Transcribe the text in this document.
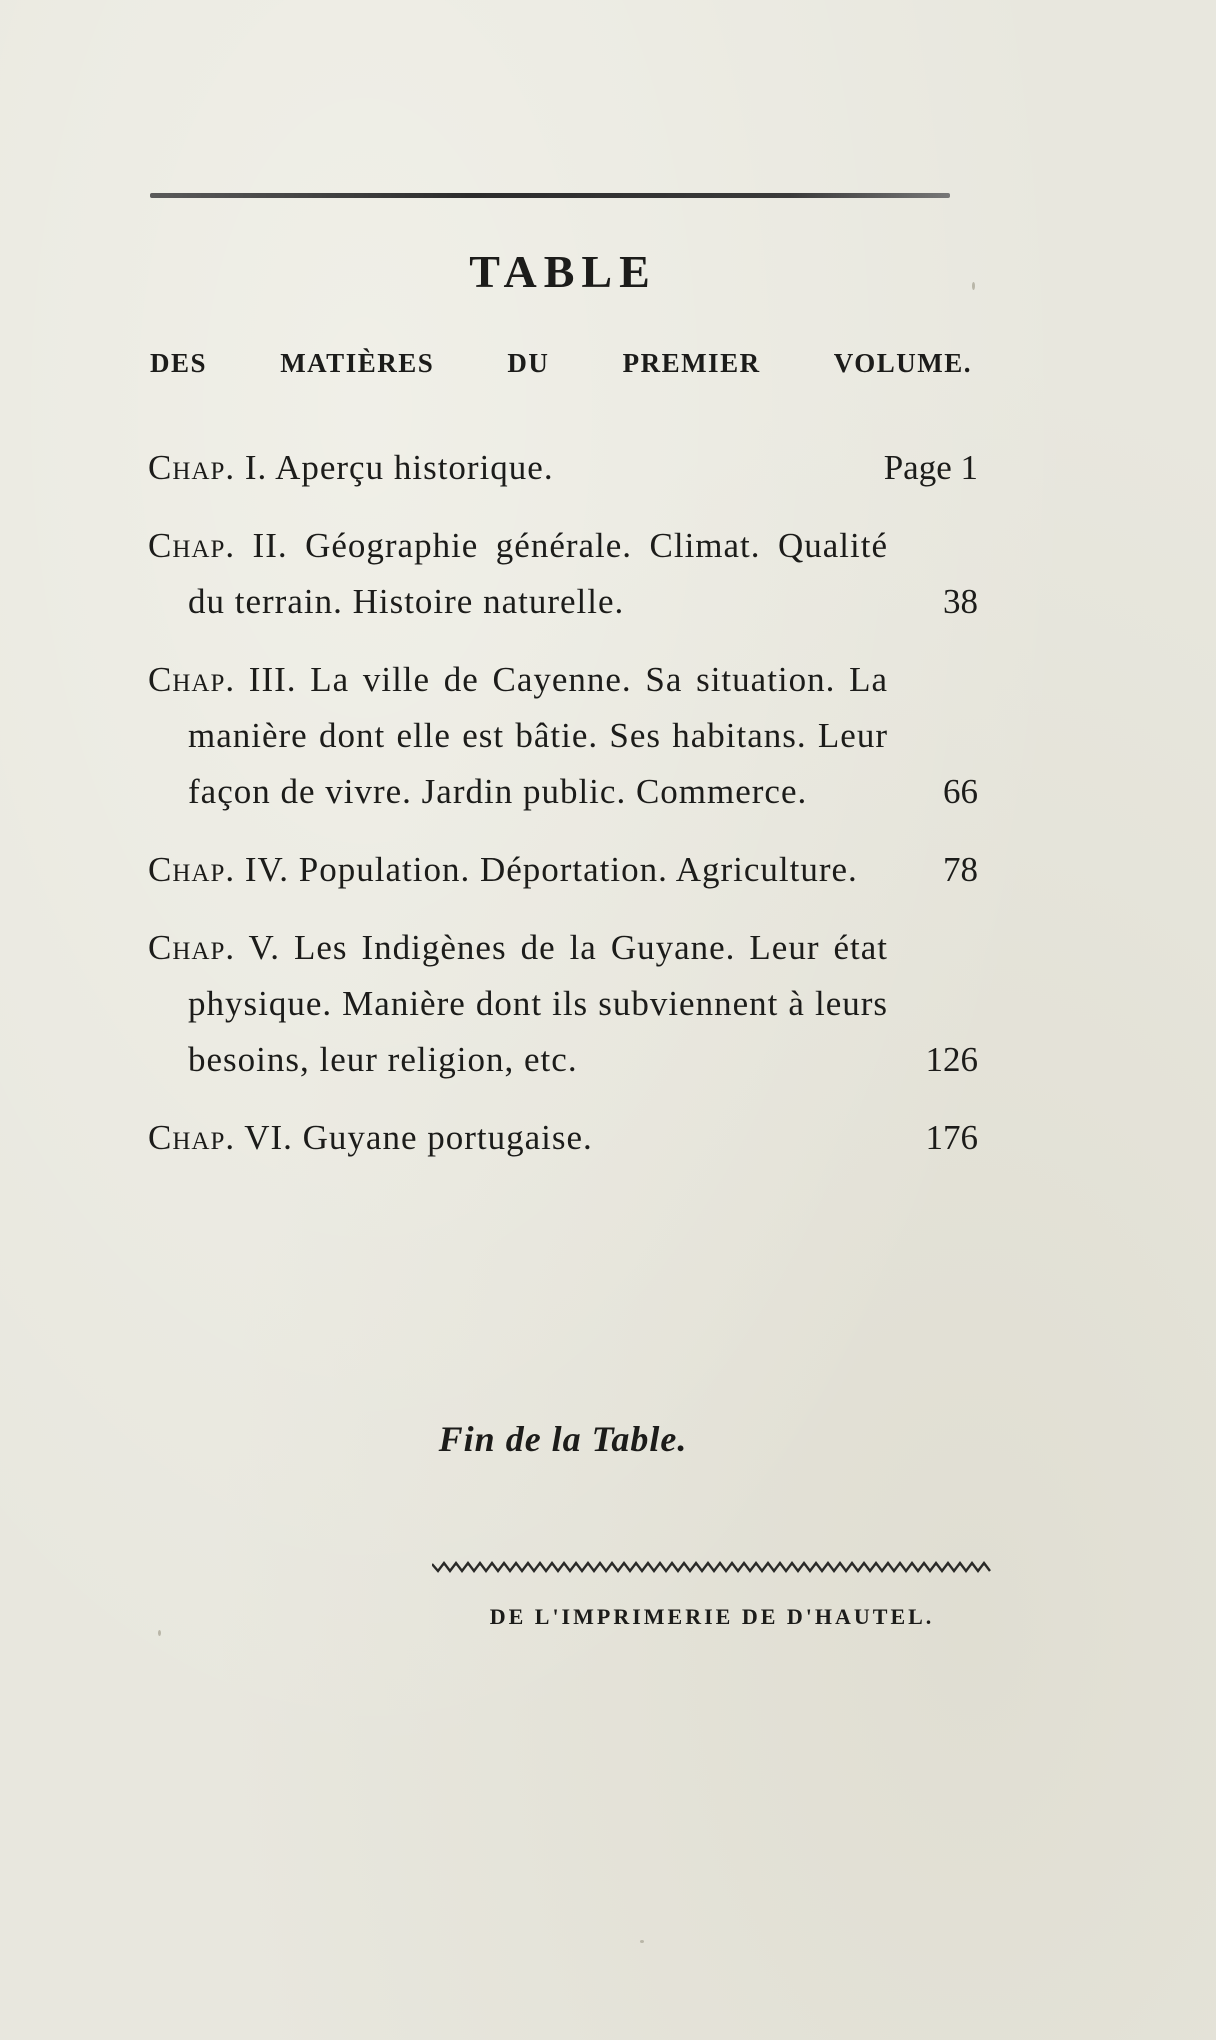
TABLE
DES	MATIÈRES	DU	PREMIER	VOLUME.
Chap. I. Aperçu historique.	Page 1
Chap. II. Géographie générale. Climat. Qualité du terrain. Histoire naturelle.	38
Chap. III. La ville de Cayenne. Sa situation. La manière dont elle est bâtie. Ses habitans. Leur façon de vivre. Jardin public. Commerce.	66
Chap. IV. Population. Déportation. Agriculture.	78
Chap. V. Les Indigènes de la Guyane. Leur état physique. Manière dont ils subviennent à leurs besoins, leur religion, etc.	126
Chap. VI. Guyane portugaise.	176
Fin de la Table.
DE L'IMPRIMERIE DE D'HAUTEL.
